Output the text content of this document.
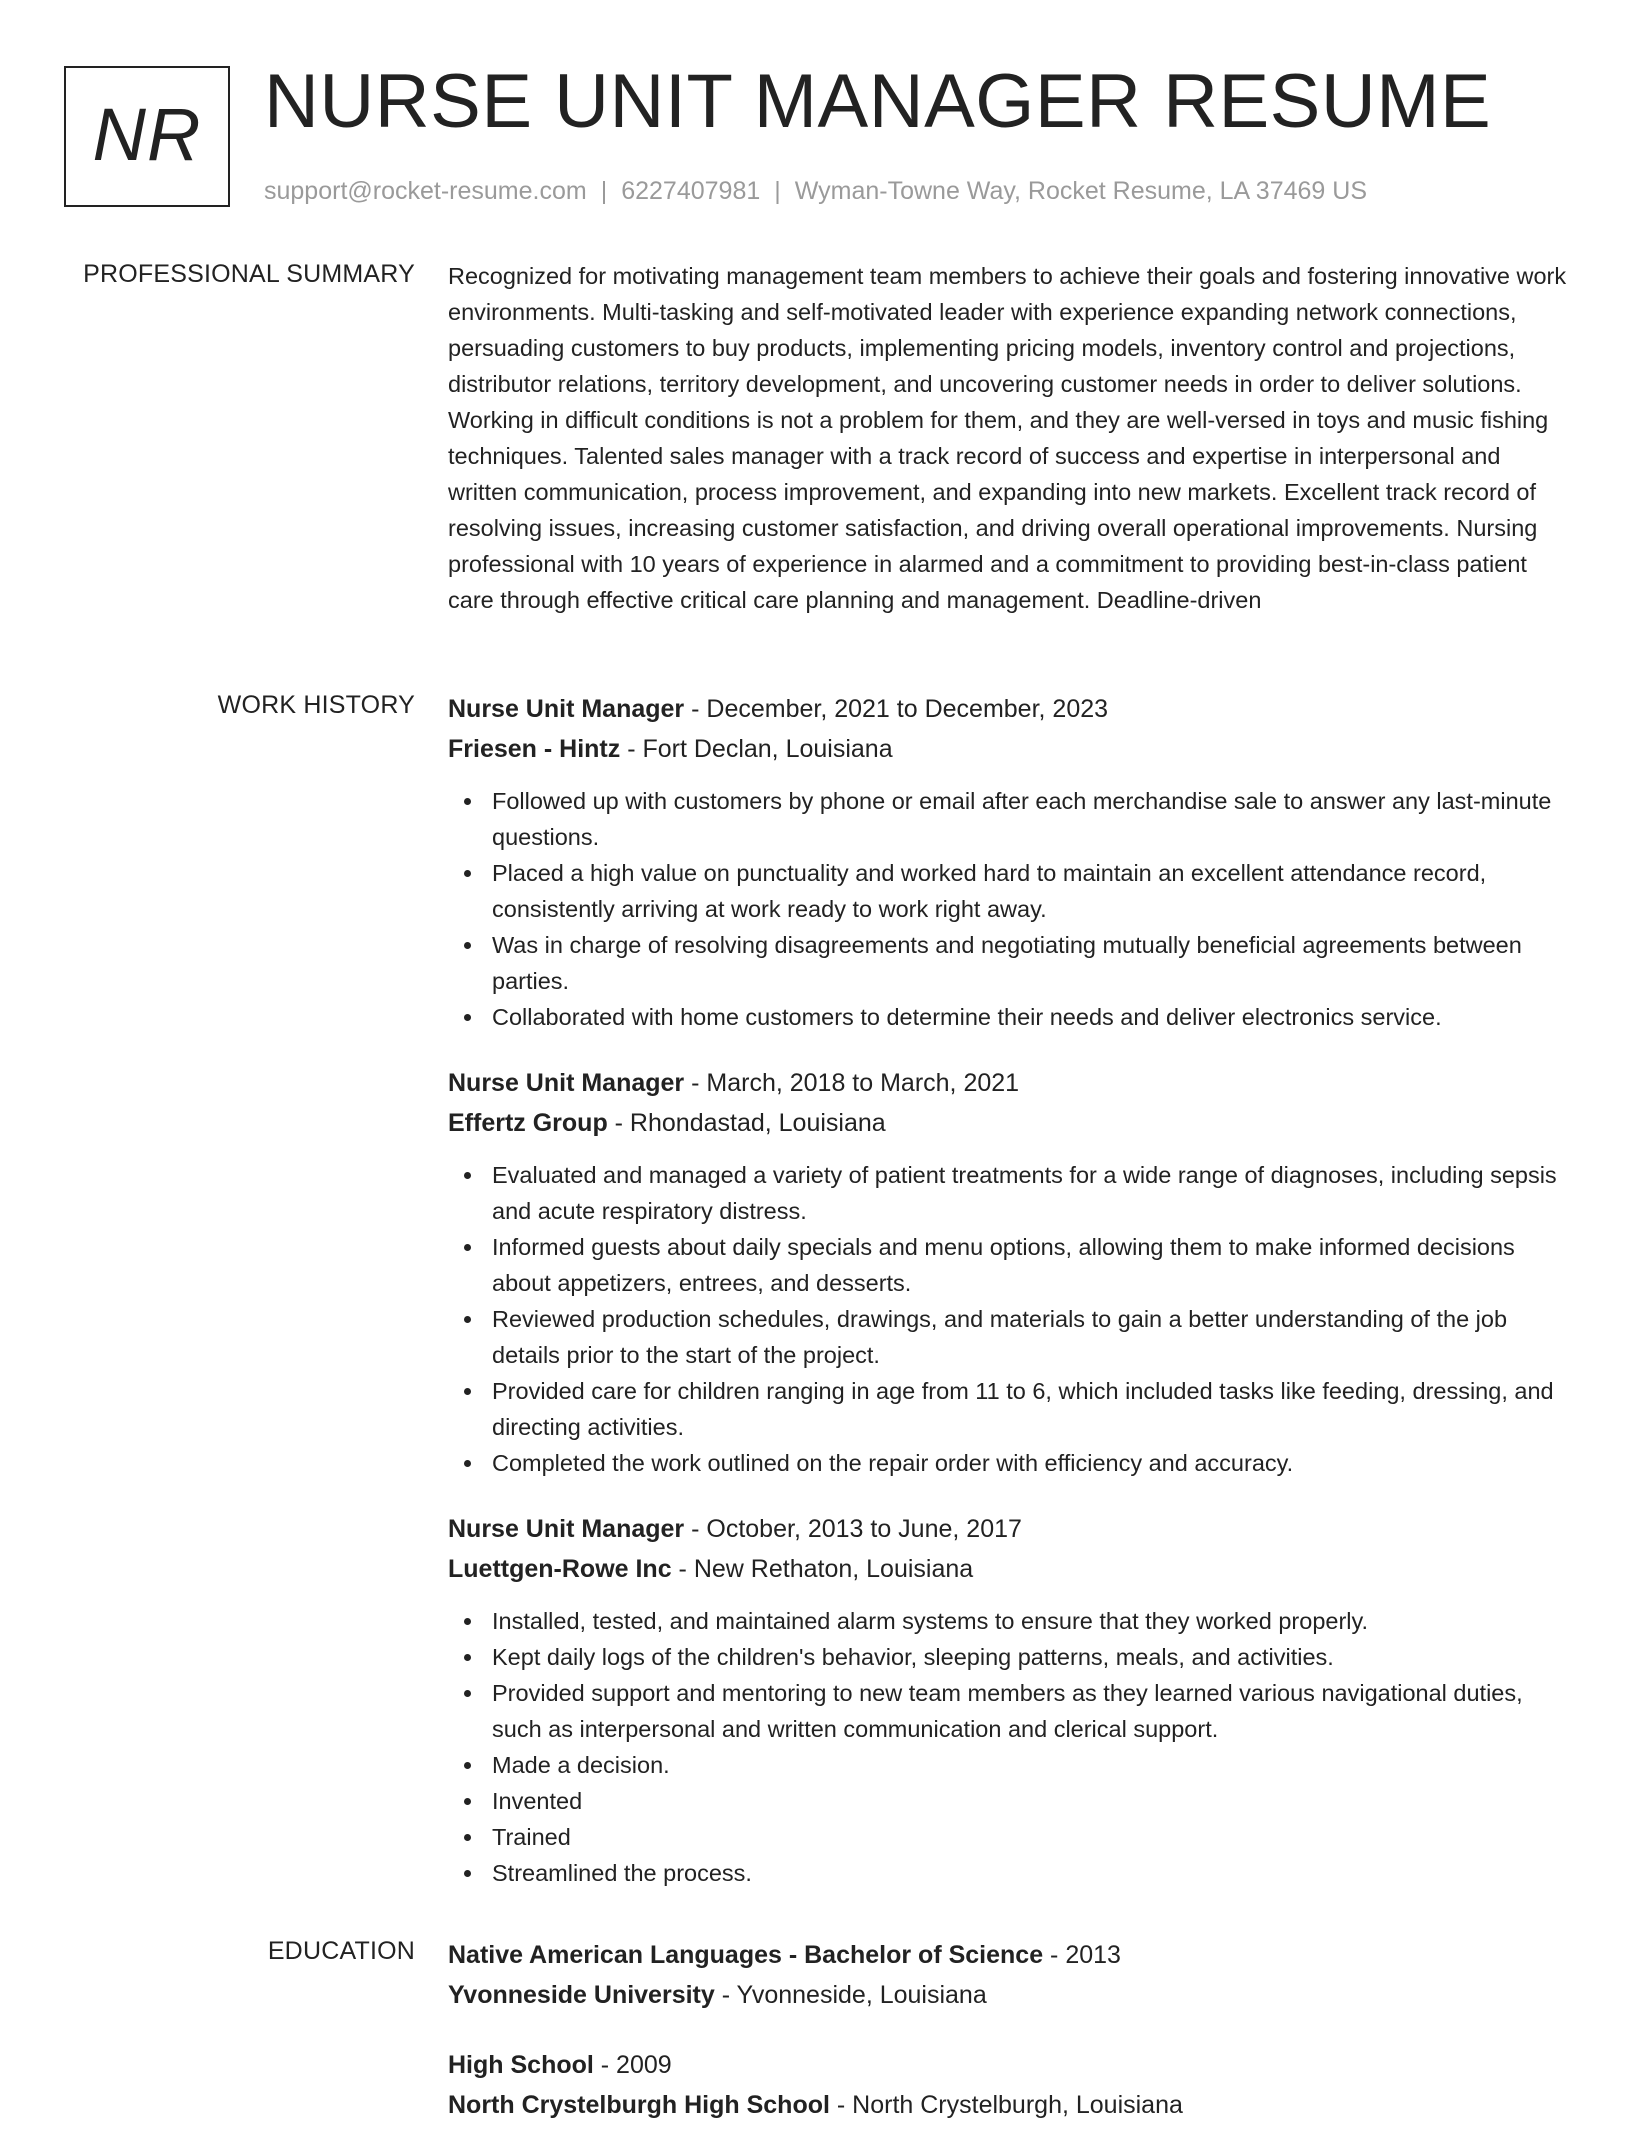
NR NURSE UNIT MANAGER RESUME
support@rocket-resume.com | 6227407981 | Wyman-Towne Way, Rocket Resume, LA 37469 US
PROFESSIONAL SUMMARY Recognized for motivating management team members to achieve their goals and fostering innovative work environments. Multi-tasking and self-motivated leader with experience expanding network connections, persuading customers to buy products, implementing pricing models, inventory control and projections, distributor relations, territory development, and uncovering customer needs in order to deliver solutions. Working in difficult conditions is not a problem for them, and they are well-versed in toys and music fishing techniques. Talented sales manager with a track record of success and expertise in interpersonal and written communication, process improvement, and expanding into new markets. Excellent track record of resolving issues, increasing customer satisfaction, and driving overall operational improvements. Nursing professional with 10 years of experience in alarmed and a commitment to providing best-in-class patient care through effective critical care planning and management. Deadline-driven

WORK HISTORY Nurse Unit Manager - December, 2021 to December, 2023
Friesen - Hintz - Fort Declan, Louisiana
Followed up with customers by phone or email after each merchandise sale to answer any last-minute questions.
Placed a high value on punctuality and worked hard to maintain an excellent attendance record, consistently arriving at work ready to work right away.
Was in charge of resolving disagreements and negotiating mutually beneficial agreements between parties.
Collaborated with home customers to determine their needs and deliver electronics service.
Nurse Unit Manager - March, 2018 to March, 2021
Effertz Group - Rhondastad, Louisiana
Evaluated and managed a variety of patient treatments for a wide range of diagnoses, including sepsis and acute respiratory distress.
Informed guests about daily specials and menu options, allowing them to make informed decisions about appetizers, entrees, and desserts.
Reviewed production schedules, drawings, and materials to gain a better understanding of the job details prior to the start of the project.
Provided care for children ranging in age from 11 to 6, which included tasks like feeding, dressing, and directing activities.
Completed the work outlined on the repair order with efficiency and accuracy.
Nurse Unit Manager - October, 2013 to June, 2017
Luettgen-Rowe Inc - New Rethaton, Louisiana
Installed, tested, and maintained alarm systems to ensure that they worked properly.
Kept daily logs of the children's behavior, sleeping patterns, meals, and activities.
Provided support and mentoring to new team members as they learned various navigational duties, such as interpersonal and written communication and clerical support.
Made a decision.
Invented
Trained
Streamlined the process.
EDUCATION Native American Languages - Bachelor of Science - 2013
Yvonneside University - Yvonneside, Louisiana
High School - 2009
North Crystelburgh High School - North Crystelburgh, Louisiana
